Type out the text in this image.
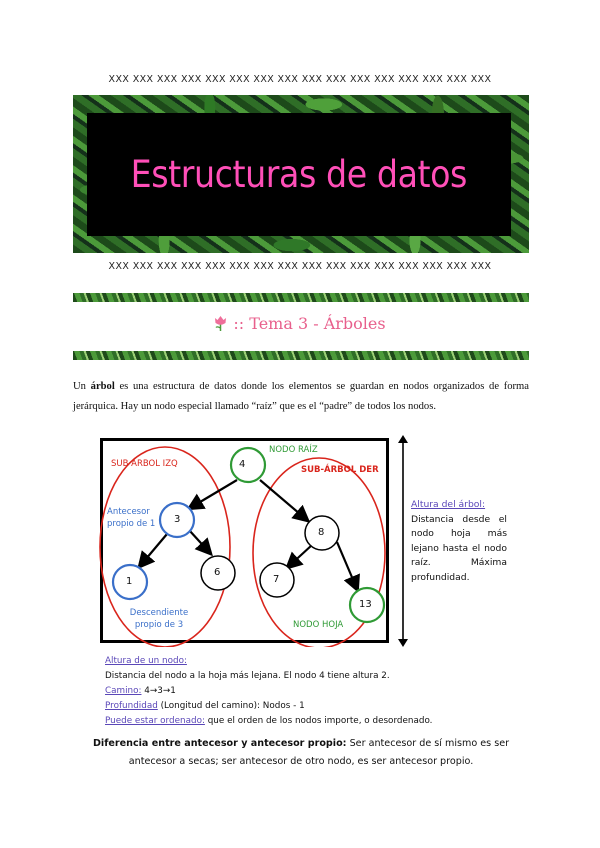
XXX XXX XXX XXX XXX XXX XXX XXX XXX XXX XXX XXX XXX XXX XXX XXX
Estructuras de datos
XXX XXX XXX XXX XXX XXX XXX XXX XXX XXX XXX XXX XXX XXX XXX XXX
:: Tema 3 - Árboles
Un árbol es una estructura de datos donde los elementos se guardan en nodos organizados de forma jerárquica. Hay un nodo especial llamado “raíz” que es el “padre” de todos los nodos.
4
3
8
1
6
7
13
NODO RAÍZ
SUB ÁRBOL IZQ
SUB-ÁRBOL DER
Antecesor
propio de 1
Descendiente
propio de 3	NODO HOJA
Altura del árbol:
Distancia desde el nodo hoja más lejano hasta el nodo raíz. Máxima profundidad.
Altura de un nodo:
Distancia del nodo a la hoja más lejana. El nodo 4 tiene altura 2.
Camino: 4→3→1
Profundidad (Longitud del camino): Nodos - 1
Puede estar ordenado: que el orden de los nodos importe, o desordenado.
Diferencia entre antecesor y antecesor propio: Ser antecesor de sí mismo es ser antecesor a secas; ser antecesor de otro nodo, es ser antecesor propio.
